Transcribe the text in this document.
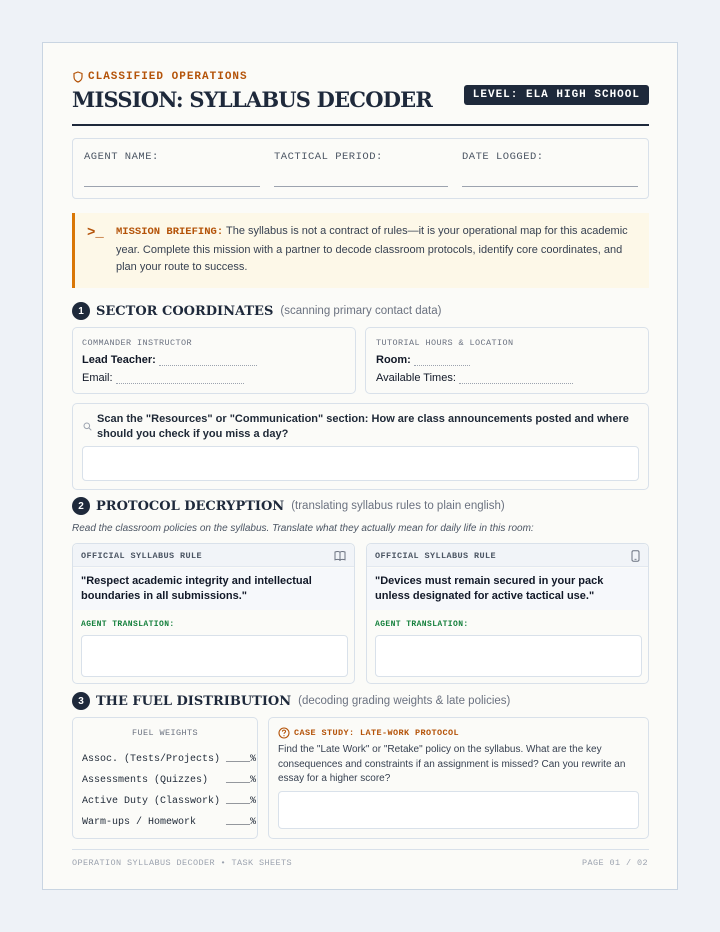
CLASSIFIED OPERATIONS
MISSION: SYLLABUS DECODER	LEVEL: ELA HIGH SCHOOL
AGENT NAME:	TACTICAL PERIOD:	DATE LOGGED:
>_ MISSION BRIEFING: The syllabus is not a contract of rules—it is your operational map for this academic year. Complete this mission with a partner to decode classroom protocols, identify core coordinates, and plan your route to success.
1 SECTOR COORDINATES (scanning primary contact data)
COMMANDER INSTRUCTOR
Lead Teacher:
Email:
TUTORIAL HOURS & LOCATION
Room:
Available Times:
Scan the "Resources" or "Communication" section: How are class announcements posted and where should you check if you miss a day?
2 PROTOCOL DECRYPTION (translating syllabus rules to plain english)
Read the classroom policies on the syllabus. Translate what they actually mean for daily life in this room:
OFFICIAL SYLLABUS RULE
"Respect academic integrity and intellectual boundaries in all submissions."
AGENT TRANSLATION:
OFFICIAL SYLLABUS RULE
"Devices must remain secured in your pack unless designated for active tactical use."
AGENT TRANSLATION:
3 THE FUEL DISTRIBUTION (decoding grading weights & late policies)
FUEL WEIGHTS
Assoc. (Tests/Projects) ____%
Assessments (Quizzes)   ____%
Active Duty (Classwork) ____%
Warm-ups / Homework     ____%
CASE STUDY: LATE-WORK PROTOCOL
Find the "Late Work" or "Retake" policy on the syllabus. What are the key consequences and constraints if an assignment is missed? Can you rewrite an essay for a higher score?
OPERATION SYLLABUS DECODER • TASK SHEETS	PAGE 01 / 02
